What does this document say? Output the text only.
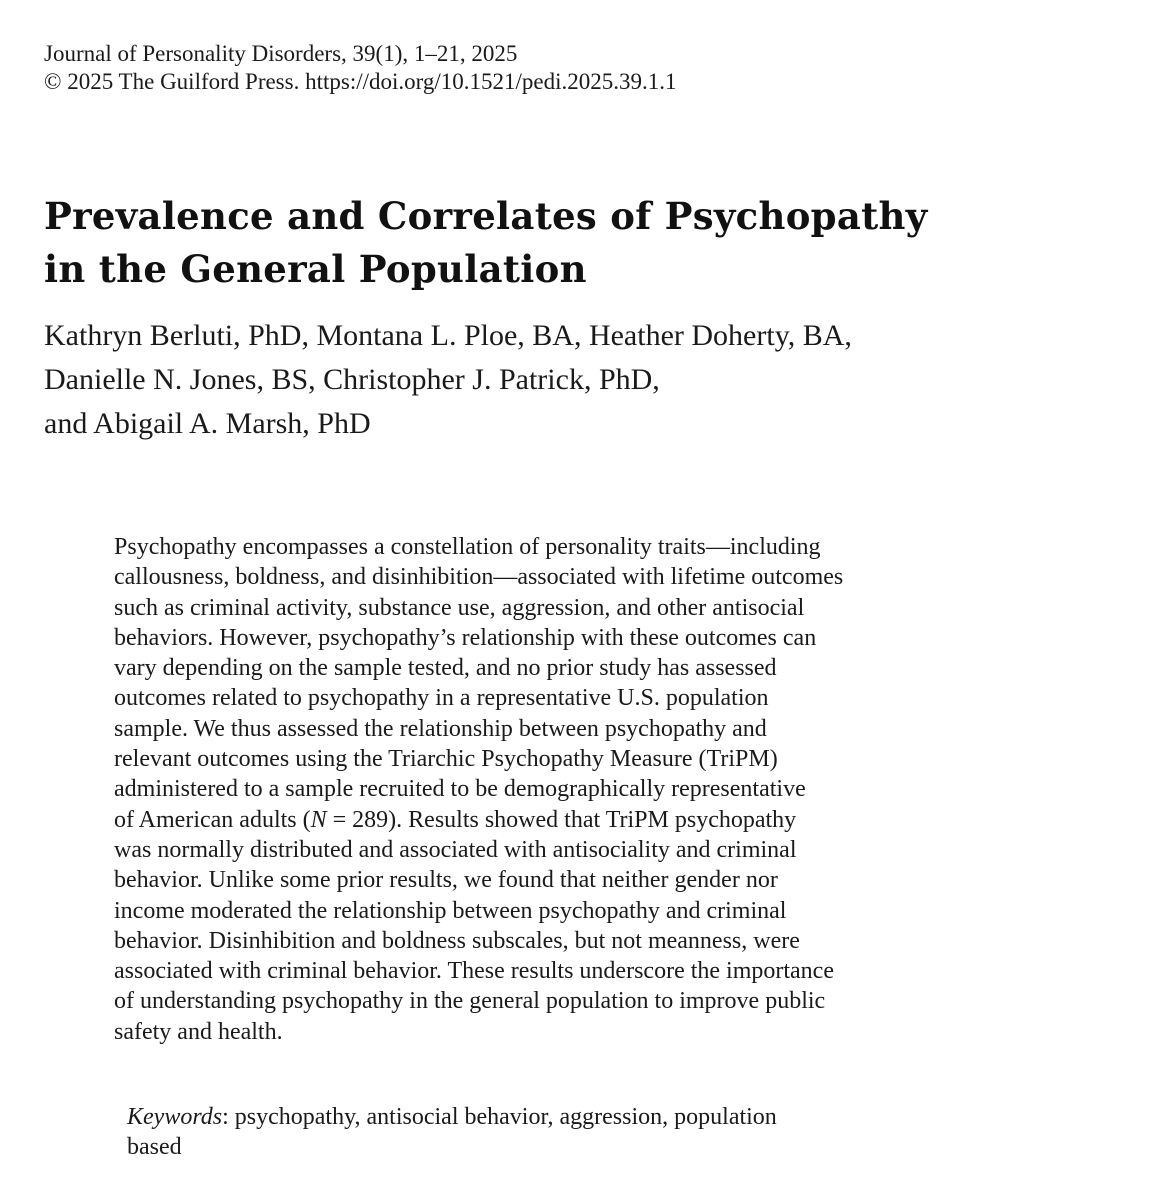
Journal of Personality Disorders, 39(1), 1–21, 2025
© 2025 The Guilford Press. https://doi.org/10.1521/pedi.2025.39.1.1
Prevalence and Correlates of Psychopathy
in the General Population
Kathryn Berluti, PhD, Montana L. Ploe, BA, Heather Doherty, BA,
Danielle N. Jones, BS, Christopher J. Patrick, PhD,
and Abigail A. Marsh, PhD
Psychopathy encompasses a constellation of personality traits—including
callousness, boldness, and disinhibition—associated with lifetime outcomes
such as criminal activity, substance use, aggression, and other antisocial
behaviors. However, psychopathy’s relationship with these outcomes can
vary depending on the sample tested, and no prior study has assessed
outcomes related to psychopathy in a representative U.S. population
sample. We thus assessed the relationship between psychopathy and
relevant outcomes using the Triarchic Psychopathy Measure (TriPM)
administered to a sample recruited to be demographically representative
of American adults (N = 289). Results showed that TriPM psychopathy
was normally distributed and associated with antisociality and criminal
behavior. Unlike some prior results, we found that neither gender nor
income moderated the relationship between psychopathy and criminal
behavior. Disinhibition and boldness subscales, but not meanness, were
associated with criminal behavior. These results underscore the importance
of understanding psychopathy in the general population to improve public
safety and health.
Keywords: psychopathy, antisocial behavior, aggression, population
based
